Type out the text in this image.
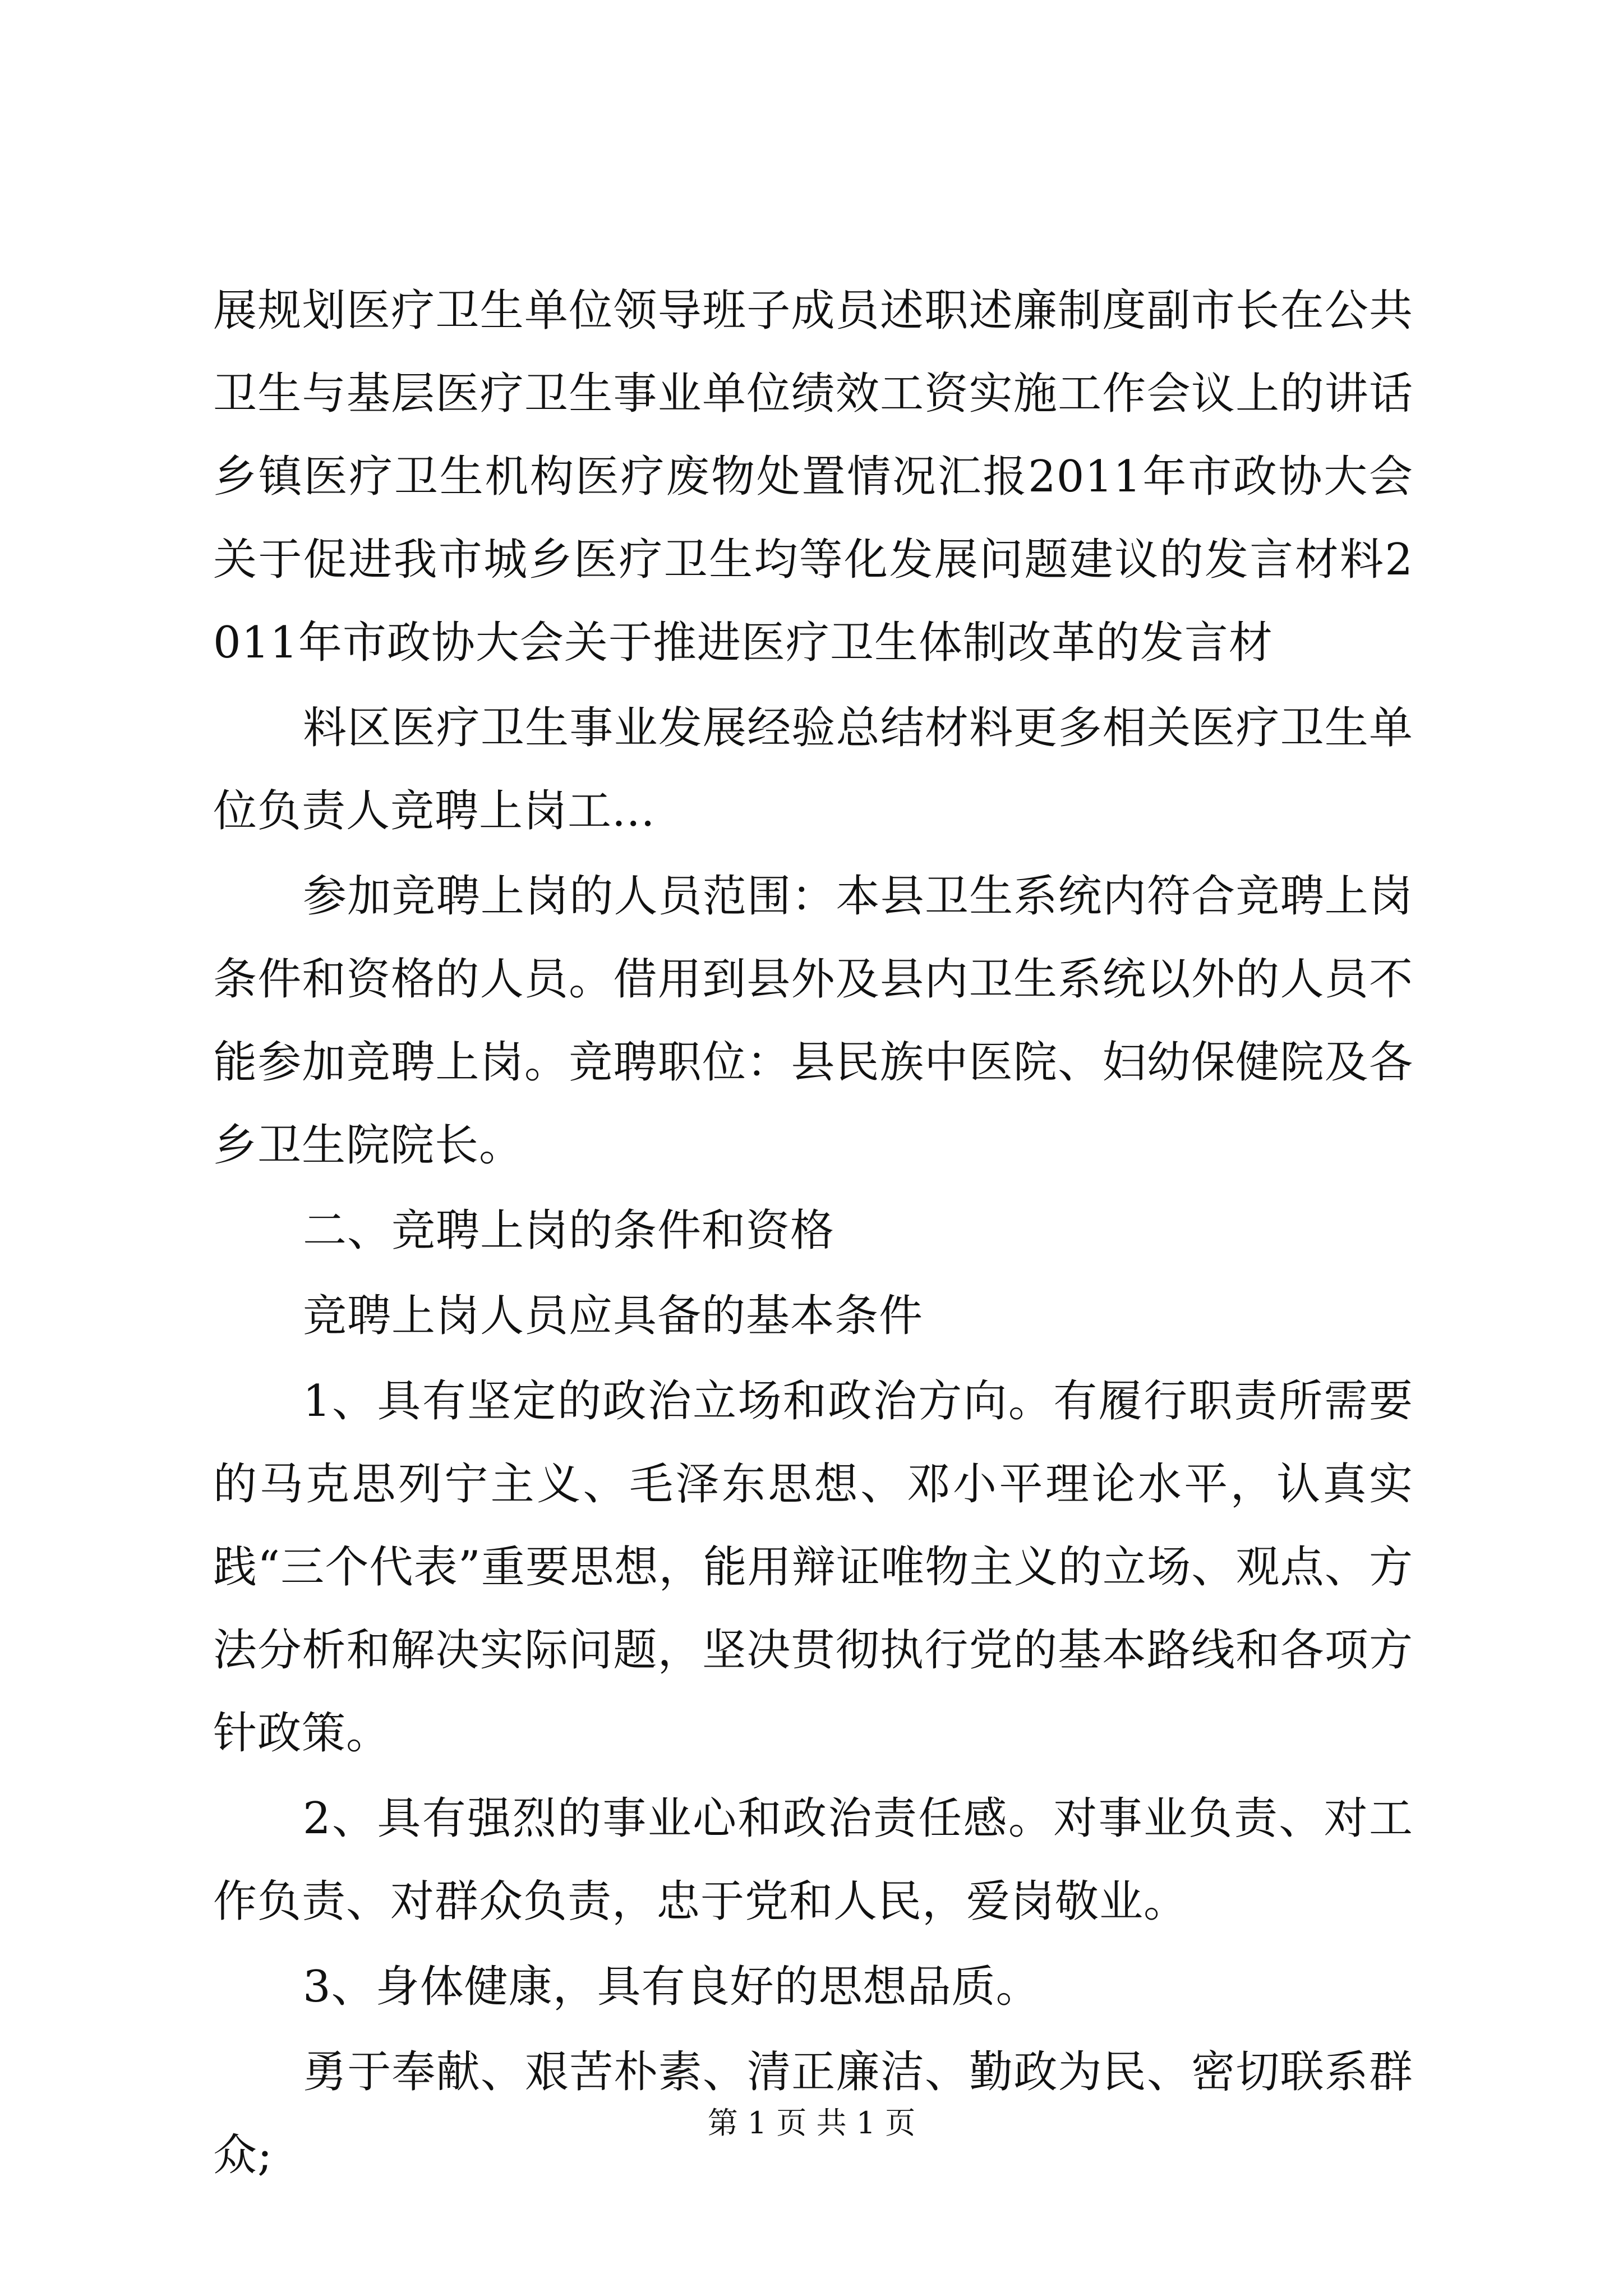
展规划医疗卫生单位领导班子成员述职述廉制度副市长在公共卫生与基层医疗卫生事业单位绩效工资实施工作会议上的讲话乡镇医疗卫生机构医疗废物处置情况汇报2011年市政协大会关于促进我市城乡医疗卫生均等化发展问题建议的发言材料2011年市政协大会关于推进医疗卫生体制改革的发言材

料区医疗卫生事业发展经验总结材料更多相关医疗卫生单位负责人竞聘上岗工...

参加竞聘上岗的人员范围：本县卫生系统内符合竞聘上岗条件和资格的人员。借用到县外及县内卫生系统以外的人员不能参加竞聘上岗。竞聘职位：县民族中医院、妇幼保健院及各乡卫生院院长。

二、竞聘上岗的条件和资格

竞聘上岗人员应具备的基本条件

1、具有坚定的政治立场和政治方向。有履行职责所需要的马克思列宁主义、毛泽东思想、邓小平理论水平，认真实践“三个代表”重要思想，能用辩证唯物主义的立场、观点、方法分析和解决实际问题，坚决贯彻执行党的基本路线和各项方针政策。

2、具有强烈的事业心和政治责任感。对事业负责、对工作负责、对群众负责，忠于党和人民，爱岗敬业。

3、身体健康，具有良好的思想品质。

勇于奉献、艰苦朴素、清正廉洁、勤政为民、密切联系群众;

第 1 页 共 1 页
